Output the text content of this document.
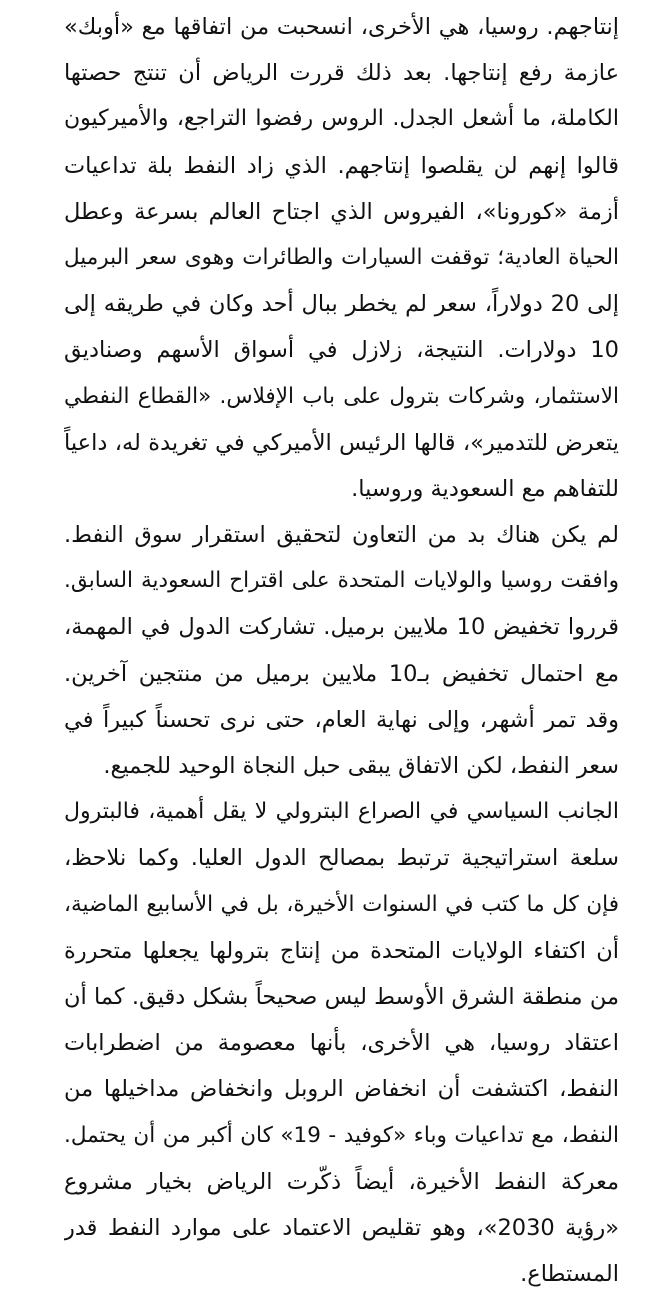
إنتاجهم. روسيا، هي الأخرى، انسحبت من اتفاقها مع «أوبك»
عازمة رفع إنتاجها. بعد ذلك قررت الرياض أن تنتج حصتها
الكاملة، ما أشعل الجدل. الروس رفضوا التراجع، والأميركيون
قالوا إنهم لن يقلصوا إنتاجهم. الذي زاد النفط بلة تداعيات
أزمة «كورونا»، الفيروس الذي اجتاح العالم بسرعة وعطل
الحياة العادية؛ توقفت السيارات والطائرات وهوى سعر البرميل
إلى 20 دولاراً، سعر لم يخطر ببال أحد وكان في طريقه إلى
10 دولارات. النتيجة، زلازل في أسواق الأسهم وصناديق
الاستثمار، وشركات بترول على باب الإفلاس. «القطاع النفطي
يتعرض للتدمير»، قالها الرئيس الأميركي في تغريدة له، داعياً
للتفاهم مع السعودية وروسيا.
لم يكن هناك بد من التعاون لتحقيق استقرار سوق النفط.
وافقت روسيا والولايات المتحدة على اقتراح السعودية السابق.
قرروا تخفيض 10 ملايين برميل. تشاركت الدول في المهمة،
مع احتمال تخفيض بـ10 ملايين برميل من منتجين آخرين.
وقد تمر أشهر، وإلى نهاية العام، حتى نرى تحسناً كبيراً في
سعر النفط، لكن الاتفاق يبقى حبل النجاة الوحيد للجميع.
الجانب السياسي في الصراع البترولي لا يقل أهمية، فالبترول
سلعة استراتيجية ترتبط بمصالح الدول العليا. وكما نلاحظ،
فإن كل ما كتب في السنوات الأخيرة، بل في الأسابيع الماضية،
أن اكتفاء الولايات المتحدة من إنتاج بترولها يجعلها متحررة
من منطقة الشرق الأوسط ليس صحيحاً بشكل دقيق. كما أن
اعتقاد روسيا، هي الأخرى، بأنها معصومة من اضطرابات
النفط، اكتشفت أن انخفاض الروبل وانخفاض مداخيلها من
النفط، مع تداعيات وباء «كوفيد - 19» كان أكبر من أن يحتمل.
معركة النفط الأخيرة، أيضاً ذكّرت الرياض بخيار مشروع
«رؤية 2030»، وهو تقليص الاعتماد على موارد النفط قدر
المستطاع.
